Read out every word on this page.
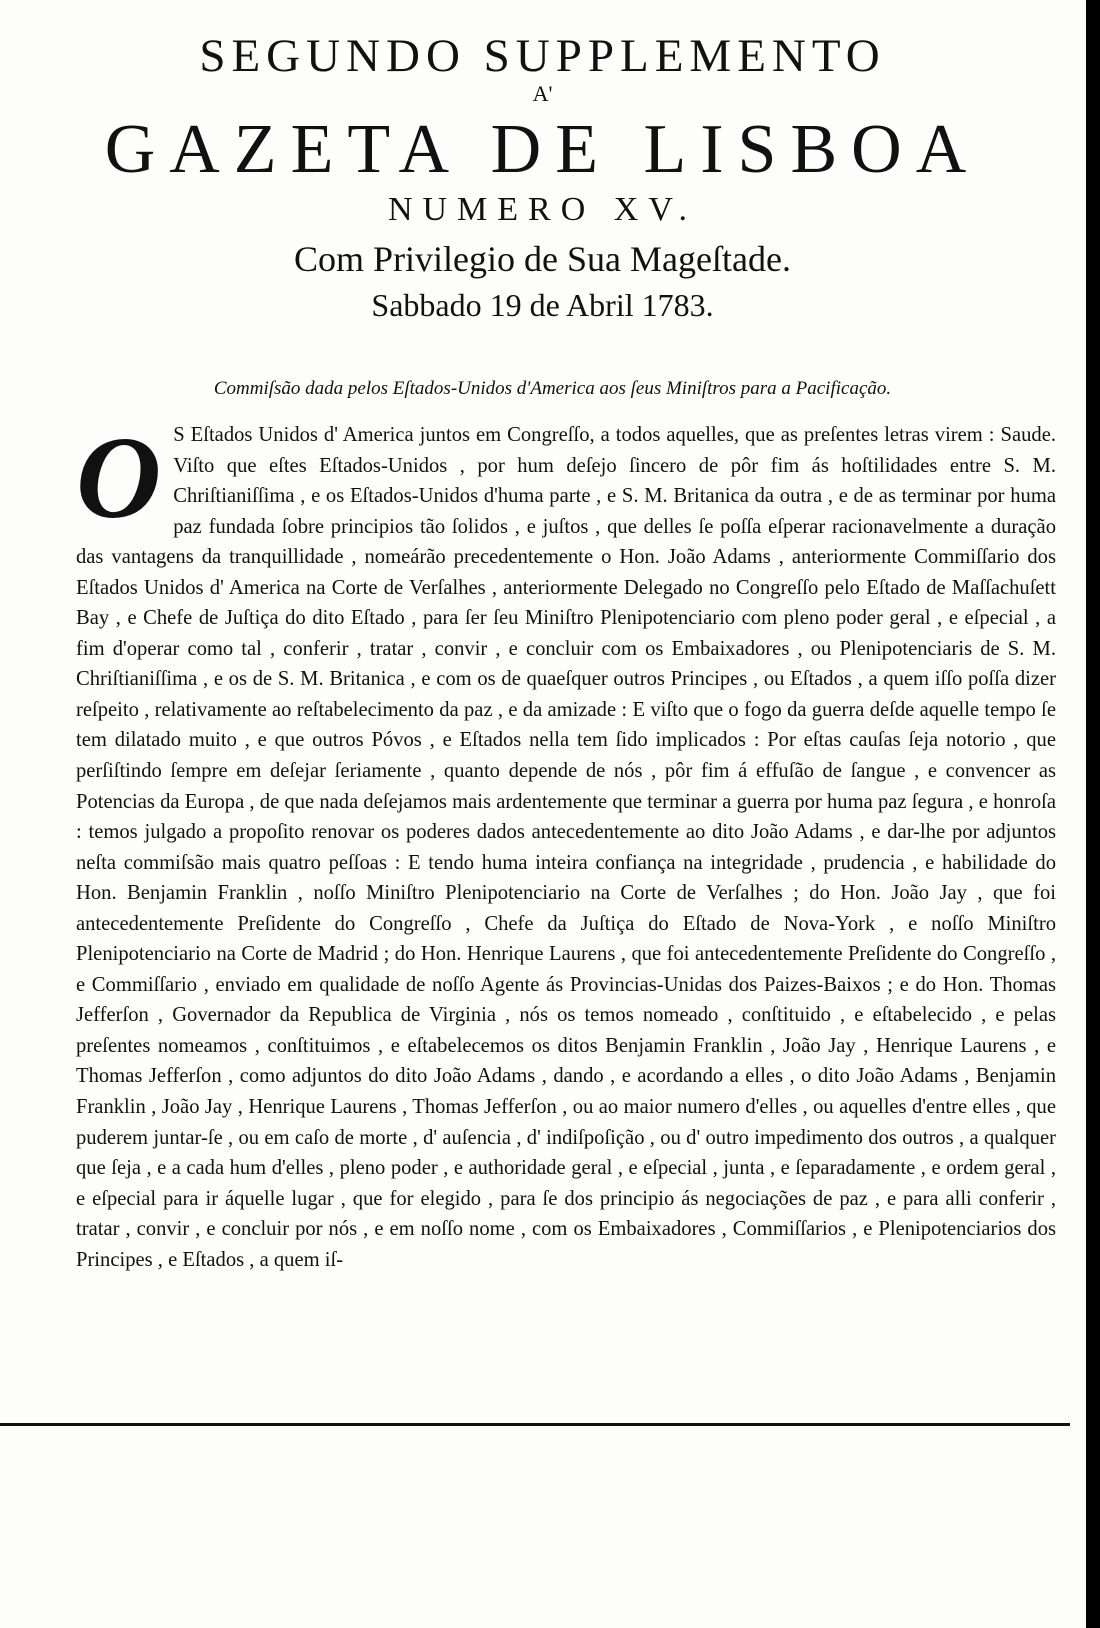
SEGUNDO SUPPLEMENTO
A'
GAZETA DE LISBOA
NUMERO XV.
Com Privilegio de Sua Mageſtade.
Sabbado 19 de Abril 1783.
Commiſsão dada pelos Eſtados-Unidos d'America aos ſeus Miniſtros para a Pacificação.
O S Eſtados Unidos d' America juntos em Congreſſo, a todos aquelles, que as preſentes letras virem : Saude. Viſto que eſtes Eſtados-Unidos , por hum deſejo ſincero de pôr fim ás hoſtilidades entre S. M. Chriſtianiſſima , e os Eſtados-Unidos d'huma parte , e S. M. Britanica da outra , e de as terminar por huma paz fundada ſobre principios tão ſolidos , e juſtos , que delles ſe poſſa eſperar racionavelmente a duração das vantagens da tranquillidade , nomeárão precedentemente o Hon. João Adams , anteriormente Commiſſario dos Eſtados Unidos d' America na Corte de Verſalhes , anteriormente Delegado no Congreſſo pelo Eſtado de Maſſachuſett Bay , e Chefe de Juſtiça do dito Eſtado , para ſer ſeu Miniſtro Plenipotenciario com pleno poder geral , e eſpecial , a fim d'operar como tal , conferir , tratar , convir , e concluir com os Embaixadores , ou Plenipotenciaris de S. M. Chriſtianiſſima , e os de S. M. Britanica , e com os de quaeſquer outros Principes , ou Eſtados , a quem iſſo poſſa dizer reſpeito , relativamente ao reſtabelecimento da paz , e da amizade : E viſto que o fogo da guerra deſde aquelle tempo ſe tem dilatado muito , e que outros Póvos , e Eſtados nella tem ſido implicados : Por eſtas cauſas ſeja notorio , que perſiſtindo ſempre em deſejar ſeriamente , quanto depende de nós , pôr fim á effuſão de ſangue , e convencer as Potencias da Europa , de que nada deſejamos mais ardentemente que terminar a guerra por huma paz ſegura , e honroſa : temos julgado a propoſito renovar os poderes dados antecedentemente ao dito João Adams , e dar-lhe por adjuntos neſta commiſsão mais quatro peſſoas : E tendo huma inteira confiança na integridade , prudencia , e habilidade do Hon. Benjamin Franklin , noſſo Miniſtro Plenipotenciario na Corte de Verſalhes ; do Hon. João Jay , que foi antecedentemente Preſidente do Congreſſo , Chefe da Juſtiça do Eſtado de Nova-York , e noſſo Miniſtro Plenipotenciario na Corte de Madrid ; do Hon. Henrique Laurens , que foi antecedentemente Preſidente do Congreſſo , e Commiſſario , enviado em qualidade de noſſo Agente ás Provincias-Unidas dos Paizes-Baixos ; e do Hon. Thomas Jefferſon , Governador da Republica de Virginia , nós os temos nomeado , conſtituido , e eſtabelecido , e pelas preſentes nomeamos , conſtituimos , e eſtabelecemos os ditos Benjamin Franklin , João Jay , Henrique Laurens , e Thomas Jefferſon , como adjuntos do dito João Adams , dando , e acordando a elles , o dito João Adams , Benjamin Franklin , João Jay , Henrique Laurens , Thomas Jefferſon , ou ao maior numero d'elles , ou aquelles d'entre elles , que puderem juntar-ſe , ou em caſo de morte , d' auſencia , d' indiſpoſição , ou d' outro impedimento dos outros , a qualquer que ſeja , e a cada hum d'elles , pleno poder , e authoridade geral , e eſpecial , junta , e ſeparadamente , e ordem geral , e eſpecial para ir áquelle lugar , que for elegido , para ſe dos principio ás negociações de paz , e para alli conferir , tratar , convir , e concluir por nós , e em noſſo nome , com os Embaixadores , Commiſſarios , e Plenipotenciarios dos Principes , e Eſtados , a quem iſ-
